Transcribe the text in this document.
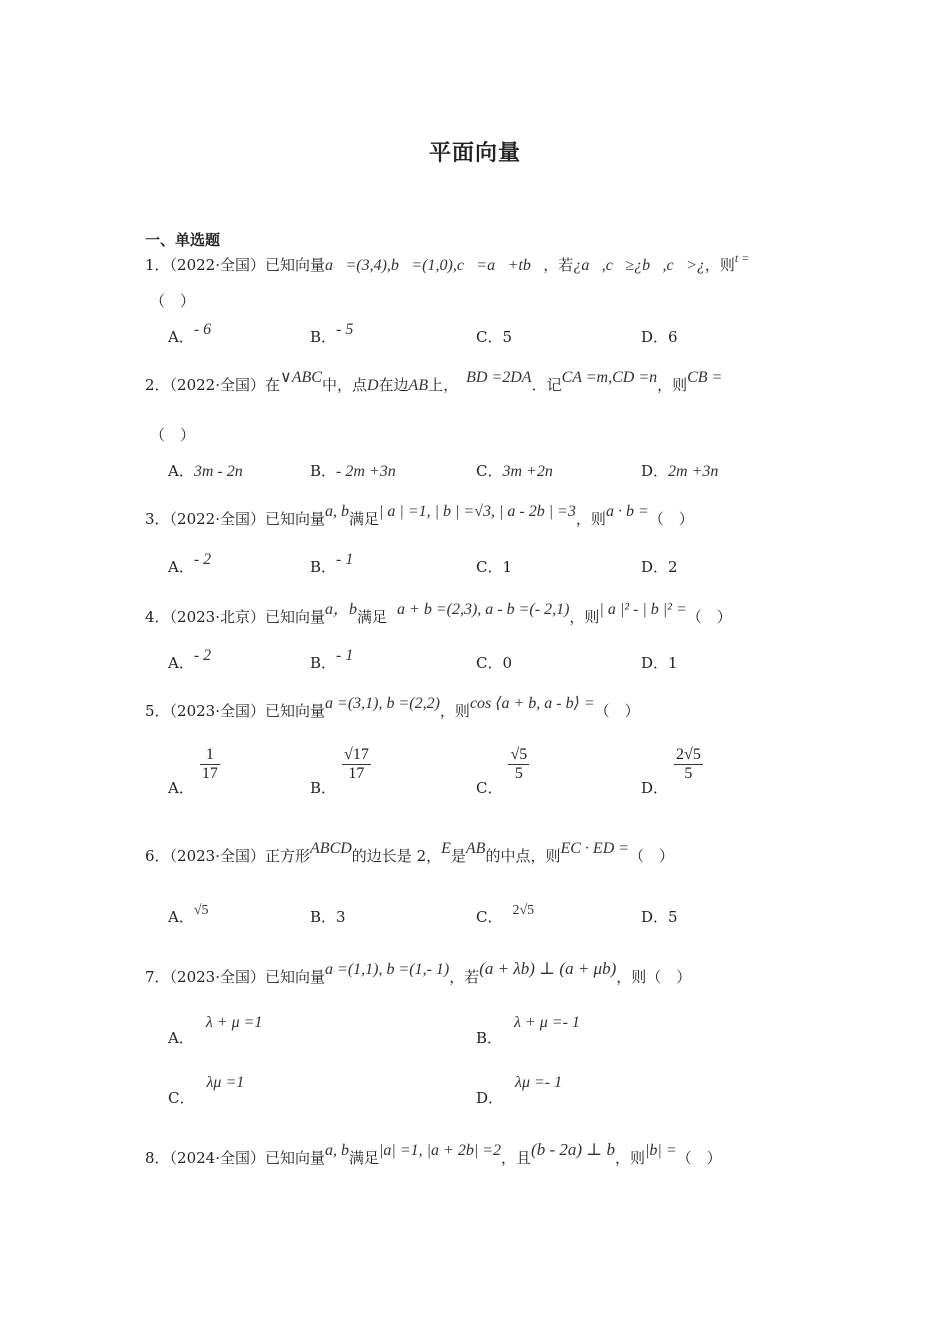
平面向量
一、单选题
1．（2022·全国）已知向量a⃗=(3,4),b⃗=(1,0),c⃗=a⃗+tb⃗，若¿a⃗,c⃗≥¿b⃗,c⃗>¿，则$^{t =}$
（　）
A．- 6	B．- 5	C．5	D．6
2．（2022·全国）在∨ABC中，点D在边AB上， BD =2DA．记CA =m,CD =n，则CB =
（　）
A．3m - 2n	B．- 2m +3n	C．3m +2n	D．2m +3n
3．（2022·全国）已知向量a, b满足| a | =1, | b | =√3, | a - 2b | =3，则a · b =（　）
A．- 2	B．- 1	C．1	D．2
4．（2023·北京）已知向量a，b满足 a + b =(2,3), a - b =(- 2,1)，则| a |² - | b |² =（　）
A．- 2	B．- 1	C．0	D．1
5．（2023·全国）已知向量a =(3,1), b =(2,2)，则cos ⟨a + b, a - b⟩ =（　）
A．
$\frac{1}{17}$
B．
$\frac{√17}{17}$
C．
$\frac{√5}{5}$
D．
$\frac{2√5}{5}$
6．（2023·全国）正方形ABCD的边长是 2，E是AB的中点，则EC · ED =（　）
A．√5	B．3	C． 2√5	D．5
7．（2023·全国）已知向量a =(1,1), b =(1,- 1)，若(a + λb) ⊥ (a + μb)，则（　）
A．λ + μ =1
B．λ + μ =- 1
C．λμ =1
D．λμ =- 1
8．（2024·全国）已知向量a, b满足|a| =1, |a + 2b| =2，且(b - 2a) ⊥ b，则|b| =（　）
